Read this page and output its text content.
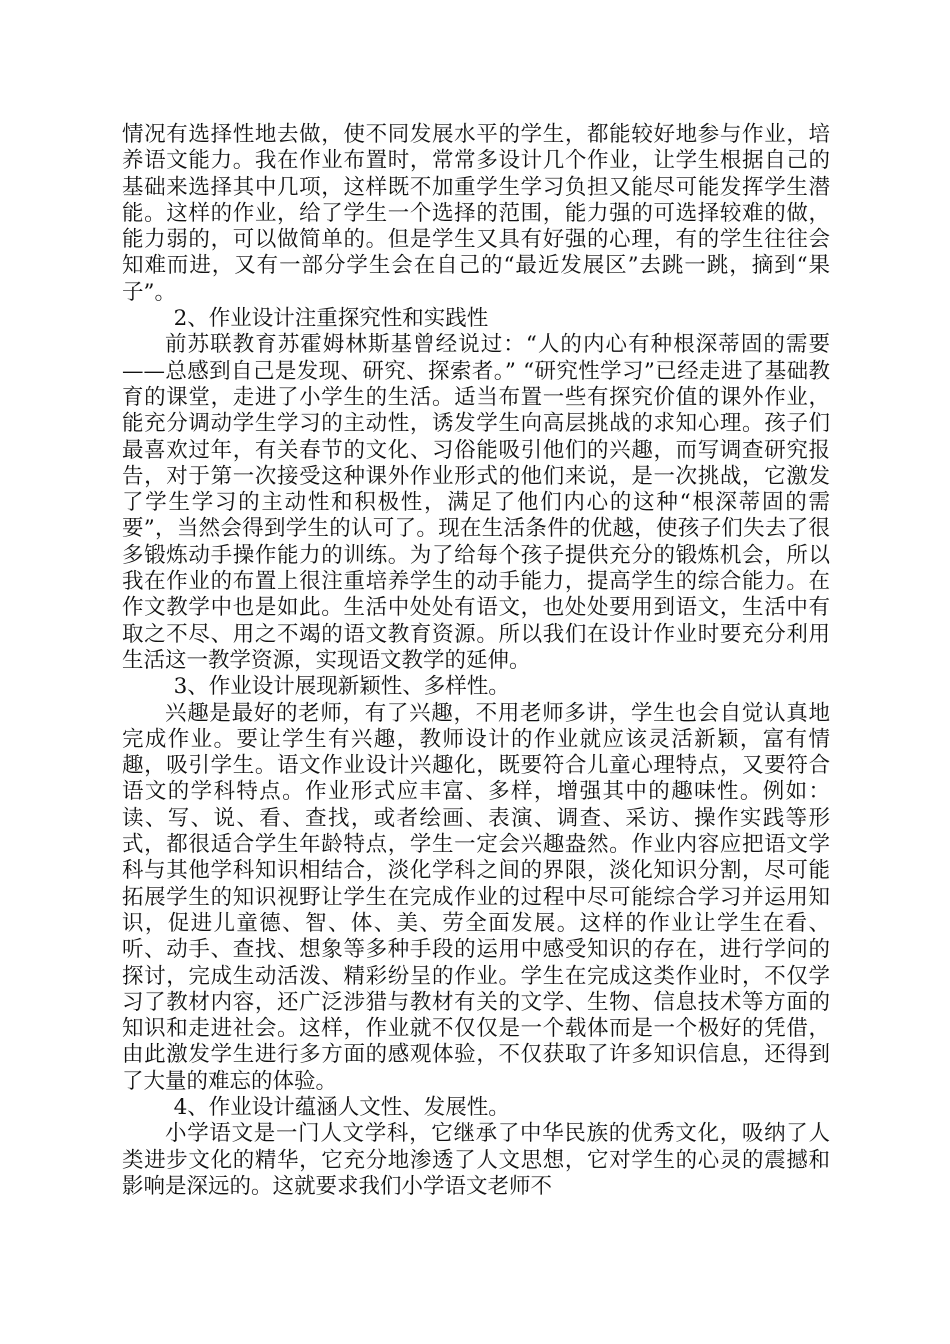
情况有选择性地去做，使不同发展水平的学生，都能较好地参与作业，培养语文能力。我在作业布置时，常常多设计几个作业，让学生根据自己的基础来选择其中几项，这样既不加重学生学习负担又能尽可能发挥学生潜能。这样的作业，给了学生一个选择的范围，能力强的可选择较难的做，能力弱的，可以做简单的。但是学生又具有好强的心理，有的学生往往会知难而进，又有一部分学生会在自己的“最近发展区”去跳一跳，摘到“果子”。

2、作业设计注重探究性和实践性

前苏联教育苏霍姆林斯基曾经说过：“人的内心有种根深蒂固的需要——总感到自己是发现、研究、探索者。” “研究性学习”已经走进了基础教育的课堂，走进了小学生的生活。适当布置一些有探究价值的课外作业，能充分调动学生学习的主动性，诱发学生向高层挑战的求知心理。孩子们最喜欢过年，有关春节的文化、习俗能吸引他们的兴趣，而写调查研究报告，对于第一次接受这种课外作业形式的他们来说，是一次挑战，它激发了学生学习的主动性和积极性，满足了他们内心的这种“根深蒂固的需要”，当然会得到学生的认可了。现在生活条件的优越，使孩子们失去了很多锻炼动手操作能力的训练。为了给每个孩子提供充分的锻炼机会，所以我在作业的布置上很注重培养学生的动手能力，提高学生的综合能力。在作文教学中也是如此。生活中处处有语文，也处处要用到语文，生活中有取之不尽、用之不竭的语文教育资源。所以我们在设计作业时要充分利用生活这一教学资源，实现语文教学的延伸。

3、作业设计展现新颖性、多样性。

兴趣是最好的老师，有了兴趣，不用老师多讲，学生也会自觉认真地完成作业。要让学生有兴趣，教师设计的作业就应该灵活新颖，富有情趣，吸引学生。语文作业设计兴趣化，既要符合儿童心理特点，又要符合语文的学科特点。作业形式应丰富、多样，增强其中的趣味性。例如：读、写、说、看、查找，或者绘画、表演、调查、采访、操作实践等形式，都很适合学生年龄特点，学生一定会兴趣盎然。作业内容应把语文学科与其他学科知识相结合，淡化学科之间的界限，淡化知识分割，尽可能拓展学生的知识视野让学生在完成作业的过程中尽可能综合学习并运用知识，促进儿童德、智、体、美、劳全面发展。这样的作业让学生在看、听、动手、查找、想象等多种手段的运用中感受知识的存在，进行学问的探讨，完成生动活泼、精彩纷呈的作业。学生在完成这类作业时，不仅学习了教材内容，还广泛涉猎与教材有关的文学、生物、信息技术等方面的知识和走进社会。这样，作业就不仅仅是一个载体而是一个极好的凭借，由此激发学生进行多方面的感观体验，不仅获取了许多知识信息，还得到了大量的难忘的体验。

4、作业设计蕴涵人文性、发展性。

小学语文是一门人文学科，它继承了中华民族的优秀文化，吸纳了人类进步文化的精华，它充分地渗透了人文思想，它对学生的心灵的震撼和影响是深远的。这就要求我们小学语文老师不
